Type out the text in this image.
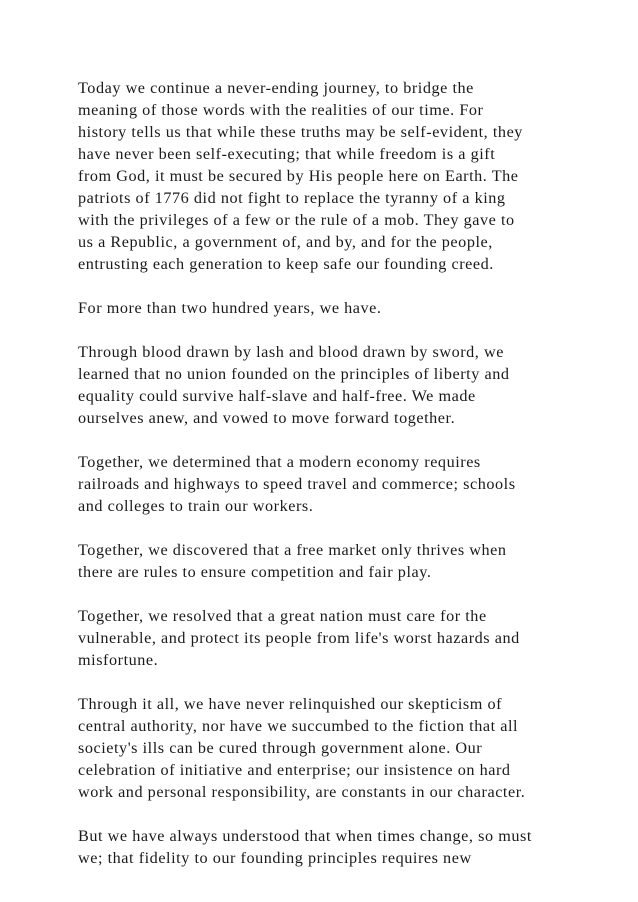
Today we continue a never-ending journey, to bridge the
meaning of those words with the realities of our time. For
history tells us that while these truths may be self-evident, they
have never been self-executing; that while freedom is a gift
from God, it must be secured by His people here on Earth. The
patriots of 1776 did not fight to replace the tyranny of a king
with the privileges of a few or the rule of a mob. They gave to
us a Republic, a government of, and by, and for the people,
entrusting each generation to keep safe our founding creed.

For more than two hundred years, we have.

Through blood drawn by lash and blood drawn by sword, we
learned that no union founded on the principles of liberty and
equality could survive half-slave and half-free. We made
ourselves anew, and vowed to move forward together.

Together, we determined that a modern economy requires
railroads and highways to speed travel and commerce; schools
and colleges to train our workers.

Together, we discovered that a free market only thrives when
there are rules to ensure competition and fair play.

Together, we resolved that a great nation must care for the
vulnerable, and protect its people from life's worst hazards and
misfortune.

Through it all, we have never relinquished our skepticism of
central authority, nor have we succumbed to the fiction that all
society's ills can be cured through government alone. Our
celebration of initiative and enterprise; our insistence on hard
work and personal responsibility, are constants in our character.

But we have always understood that when times change, so must
we; that fidelity to our founding principles requires new
